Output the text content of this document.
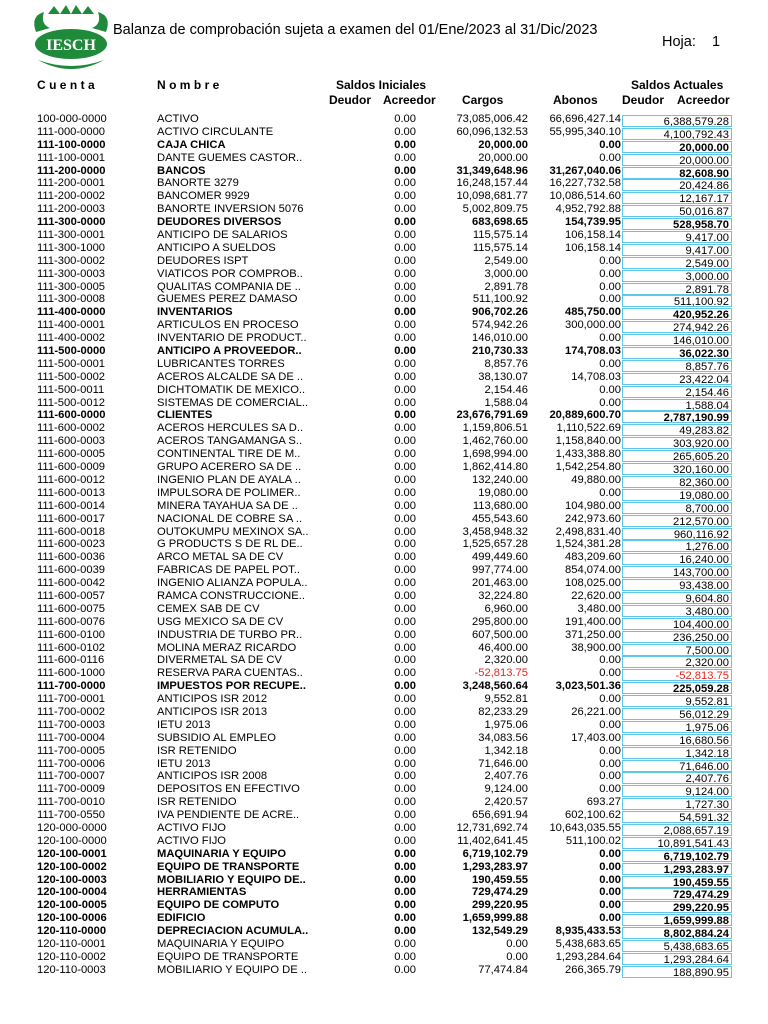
IESCH
Balanza de comprobación sujeta a examen del 01/Ene/2023 al 31/Dic/2023
Hoja: 1
Cuenta	Nombre	Saldos Iniciales	Saldos Actuales
Deudor Acreedor Cargos	Abonos Deudor Acreedor
100-000-0000	ACTIVO	0.00	73,085,006.42 66,696,427.14	6,388,579.28
111-000-0000	ACTIVO CIRCULANTE	0.00	60,096,132.53 55,995,340.10	4,100,792.43
111-100-0000	CAJA CHICA	0.00	20,000.00	0.00	20,000.00
111-100-0001	DANTE GUEMES CASTOR..	0.00	20,000.00	0.00	20,000.00
111-200-0000	BANCOS	0.00	31,349,648.96 31,267,040.06	82,608.90
111-200-0001	BANORTE 3279	0.00	16,248,157.44 16,227,732.58	20,424.86
111-200-0002	BANCOMER 9929	0.00	10,098,681.77 10,086,514.60	12,167.17
111-200-0003	BANORTE INVERSION 5076	0.00	5,002,809.75 4,952,792.88	50,016.87
111-300-0000	DEUDORES DIVERSOS	0.00	683,698.65	154,739.95	528,958.70
111-300-0001	ANTICIPO DE SALARIOS	0.00	115,575.14	106,158.14	9,417.00
111-300-1000	ANTICIPO A SUELDOS	0.00	115,575.14	106,158.14	9,417.00
111-300-0002	DEUDORES ISPT	0.00	2,549.00	0.00	2,549.00
111-300-0003	VIATICOS POR COMPROB..	0.00	3,000.00	0.00	3,000.00
111-300-0005	QUALITAS COMPANIA DE ..	0.00	2,891.78	0.00	2,891.78
111-300-0008	GUEMES PEREZ DAMASO	0.00	511,100.92	0.00	511,100.92
111-400-0000	INVENTARIOS	0.00	906,702.26	485,750.00	420,952.26
111-400-0001	ARTICULOS EN PROCESO	0.00	574,942.26	300,000.00	274,942.26
111-400-0002	INVENTARIO DE PRODUCT..	0.00	146,010.00	0.00	146,010.00
111-500-0000	ANTICIPO A PROVEEDOR..	0.00	210,730.33	174,708.03	36,022.30
111-500-0001	LUBRICANTES TORRES	0.00	8,857.76	0.00	8,857.76
111-500-0002	ACEROS ALCALDE SA DE ..	0.00	38,130.07	14,708.03	23,422.04
111-500-0011	DICHTOMATIK DE MEXICO..	0.00	2,154.46	0.00	2,154.46
111-500-0012	SISTEMAS DE COMERCIAL..	0.00	1,588.04	0.00	1,588.04
111-600-0000	CLIENTES	0.00	23,676,791.69 20,889,600.70	2,787,190.99
111-600-0002	ACEROS HERCULES SA D..	0.00	1,159,806.51	1,110,522.69	49,283.82
111-600-0003	ACEROS TANGAMANGA S..	0.00	1,462,760.00 1,158,840.00	303,920.00
111-600-0005	CONTINENTAL TIRE DE M..	0.00	1,698,994.00 1,433,388.80	265,605.20
111-600-0009	GRUPO ACERERO SA DE ..	0.00	1,862,414.80 1,542,254.80	320,160.00
111-600-0012	INGENIO PLAN DE AYALA ..	0.00	132,240.00	49,880.00	82,360.00
111-600-0013	IMPULSORA DE POLIMER..	0.00	19,080.00	0.00	19,080.00
111-600-0014	MINERA TAYAHUA SA DE ..	0.00	113,680.00	104,980.00	8,700.00
111-600-0017	NACIONAL DE COBRE SA ..	0.00	455,543.60	242,973.60	212,570.00
111-600-0018	OUTOKUMPU MEXINOX SA..	0.00	3,458,948.32 2,498,831.40	960,116.92
111-600-0023	G PRODUCTS S DE RL DE..	0.00	1,525,657.28 1,524,381.28	1,276.00
111-600-0036	ARCO METAL SA DE CV	0.00	499,449.60	483,209.60	16,240.00
111-600-0039	FABRICAS DE PAPEL POT..	0.00	997,774.00	854,074.00	143,700.00
111-600-0042	INGENIO ALIANZA POPULA..	0.00	201,463.00	108,025.00	93,438.00
111-600-0057	RAMCA CONSTRUCCIONE..	0.00	32,224.80	22,620.00	9,604.80
111-600-0075	CEMEX SAB DE CV	0.00	6,960.00	3,480.00	3,480.00
111-600-0076	USG MEXICO SA DE CV	0.00	295,800.00	191,400.00	104,400.00
111-600-0100	INDUSTRIA DE TURBO PR..	0.00	607,500.00	371,250.00	236,250.00
111-600-0102	MOLINA MERAZ RICARDO	0.00	46,400.00	38,900.00	7,500.00
111-600-0116	DIVERMETAL SA DE CV	0.00	2,320.00	0.00	2,320.00
111-600-1000	RESERVA PARA CUENTAS..	0.00	-52,813.75	0.00	-52,813.75
111-700-0000	IMPUESTOS POR RECUPE..	0.00	3,248,560.64 3,023,501.36	225,059.28
111-700-0001	ANTICIPOS ISR 2012	0.00	9,552.81	0.00	9,552.81
111-700-0002	ANTICIPOS ISR 2013	0.00	82,233.29	26,221.00	56,012.29
111-700-0003	IETU 2013	0.00	1,975.06	0.00	1,975.06
111-700-0004	SUBSIDIO AL EMPLEO	0.00	34,083.56	17,403.00	16,680.56
111-700-0005	ISR RETENIDO	0.00	1,342.18	0.00	1,342.18
111-700-0006	IETU 2013	0.00	71,646.00	0.00	71,646.00
111-700-0007	ANTICIPOS ISR 2008	0.00	2,407.76	0.00	2,407.76
111-700-0009	DEPOSITOS EN EFECTIVO	0.00	9,124.00	0.00	9,124.00
111-700-0010	ISR RETENIDO	0.00	2,420.57	693.27	1,727.30
111-700-0550	IVA PENDIENTE DE ACRE..	0.00	656,691.94	602,100.62	54,591.32
120-000-0000	ACTIVO FIJO	0.00	12,731,692.74 10,643,035.55	2,088,657.19
120-100-0000	ACTIVO FIJO	0.00	11,402,641.45	511,100.02	10,891,541.43
120-100-0001	MAQUINARIA Y EQUIPO	0.00	6,719,102.79	0.00	6,719,102.79
120-100-0002	EQUIPO DE TRANSPORTE	0.00	1,293,283.97	0.00	1,293,283.97
120-100-0003	MOBILIARIO Y EQUIPO DE..	0.00	190,459.55	0.00	190,459.55
120-100-0004	HERRAMIENTAS	0.00	729,474.29	0.00	729,474.29
120-100-0005	EQUIPO DE COMPUTO	0.00	299,220.95	0.00	299,220.95
120-100-0006	EDIFICIO	0.00	1,659,999.88	0.00	1,659,999.88
120-110-0000	DEPRECIACION ACUMULA..	0.00	132,549.29 8,935,433.53	8,802,884.24
120-110-0001	MAQUINARIA Y EQUIPO	0.00	0.00 5,438,683.65	5,438,683.65
120-110-0002	EQUIPO DE TRANSPORTE	0.00	0.00 1,293,284.64	1,293,284.64
120-110-0003	MOBILIARIO Y EQUIPO DE ..	0.00	77,474.84	266,365.79	188,890.95
